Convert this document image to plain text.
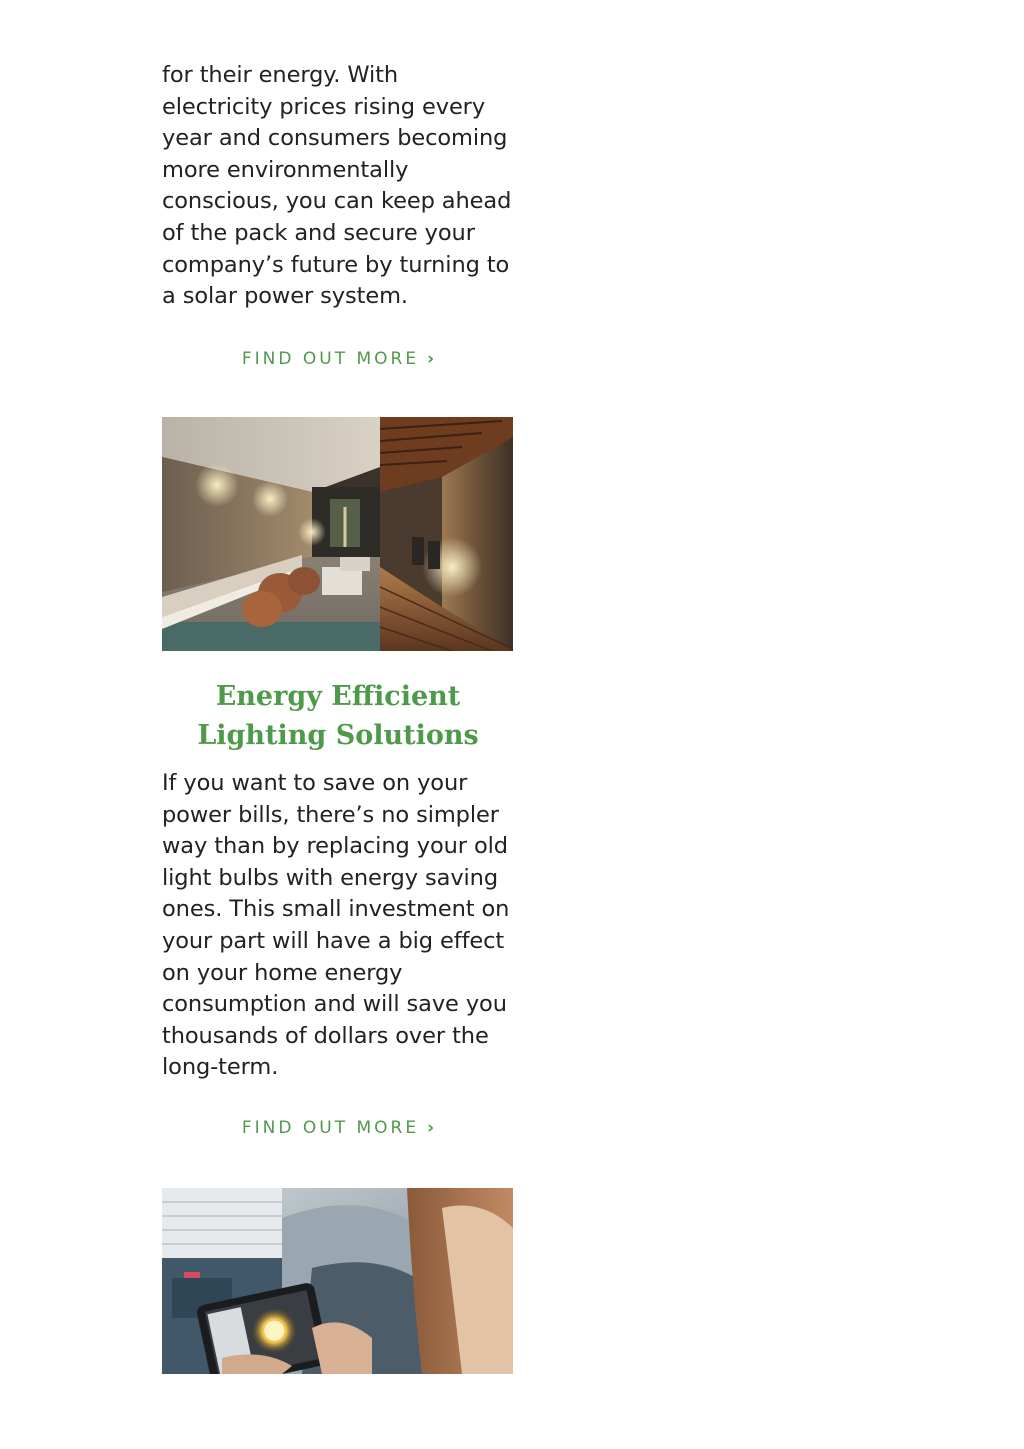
for their energy. With electricity prices rising every year and consumers becoming more environmentally conscious, you can keep ahead of the pack and secure your company’s future by turning to a solar power system.

FIND OUT MORE ›
Energy Efficient Lighting Solutions

If you want to save on your power bills, there’s no simpler way than by replacing your old light bulbs with energy saving ones. This small investment on your part will have a big effect on your home energy consumption and will save you thousands of dollars over the long-term.

FIND OUT MORE ›
